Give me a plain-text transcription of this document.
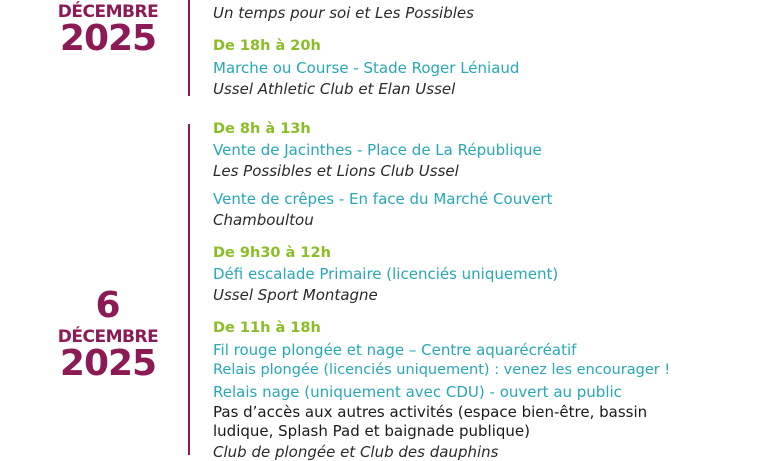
DÉCEMBRE
2025
6
DÉCEMBRE
2025
Un temps pour soi et Les Possibles
De 18h à 20h
Marche ou Course - Stade Roger Léniaud
Ussel Athletic Club et Elan Ussel
De 8h à 13h
Vente de Jacinthes - Place de La République
Les Possibles et Lions Club Ussel
Vente de crêpes - En face du Marché Couvert
Chamboultou
De 9h30 à 12h
Défi escalade Primaire (licenciés uniquement)
Ussel Sport Montagne
De 11h à 18h
Fil rouge plongée et nage – Centre aquarécréatif
Relais plongée (licenciés uniquement) : venez les encourager !
Relais nage (uniquement avec CDU) - ouvert au public
Pas d’accès aux autres activités (espace bien-être, bassin
ludique, Splash Pad et baignade publique)
Club de plongée et Club des dauphins
